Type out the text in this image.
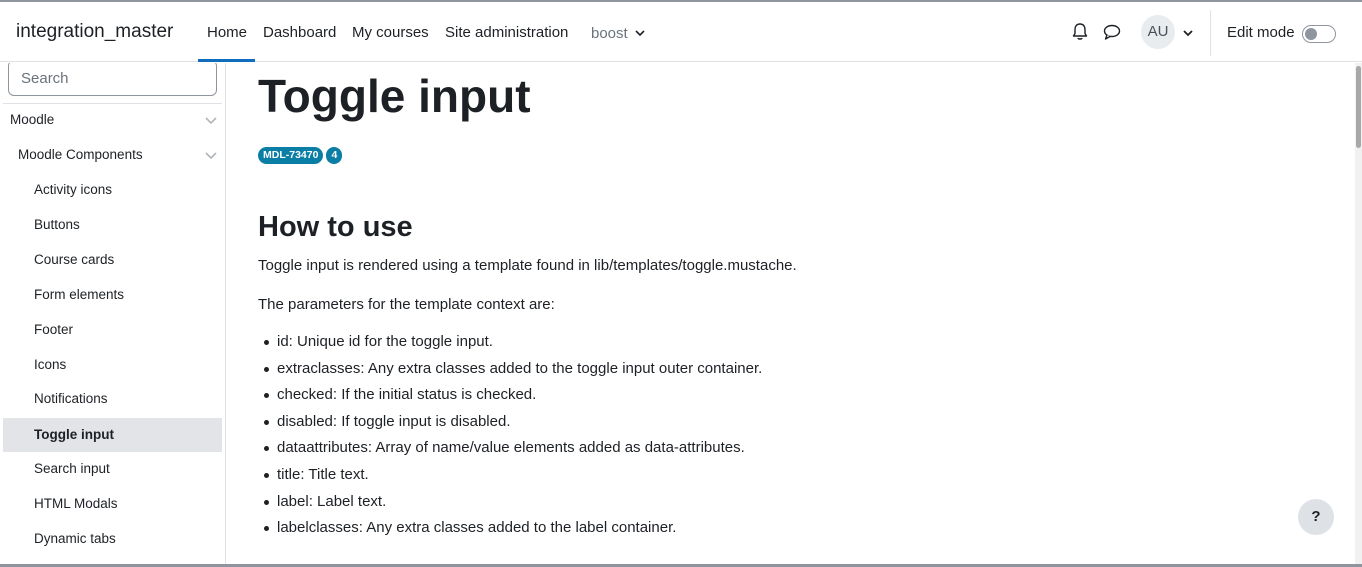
integration_master Home Dashboard My courses Site administration boost	AU	Edit mode
Search
Moodle
Moodle Components
Activity icons
Buttons
Course cards
Form elements
Footer
Icons
Notifications
Toggle input
Search input
HTML Modals
Dynamic tabs
Toggle input
MDL-73470 4
How to use

Toggle input is rendered using a template found in lib/templates/toggle.mustache.

The parameters for the template context are:

id: Unique id for the toggle input.
extraclasses: Any extra classes added to the toggle input outer container.
checked: If the initial status is checked.
disabled: If toggle input is disabled.
dataattributes: Array of name/value elements added as data-attributes.
title: Title text.
label: Label text.
labelclasses: Any extra classes added to the label container.
?
